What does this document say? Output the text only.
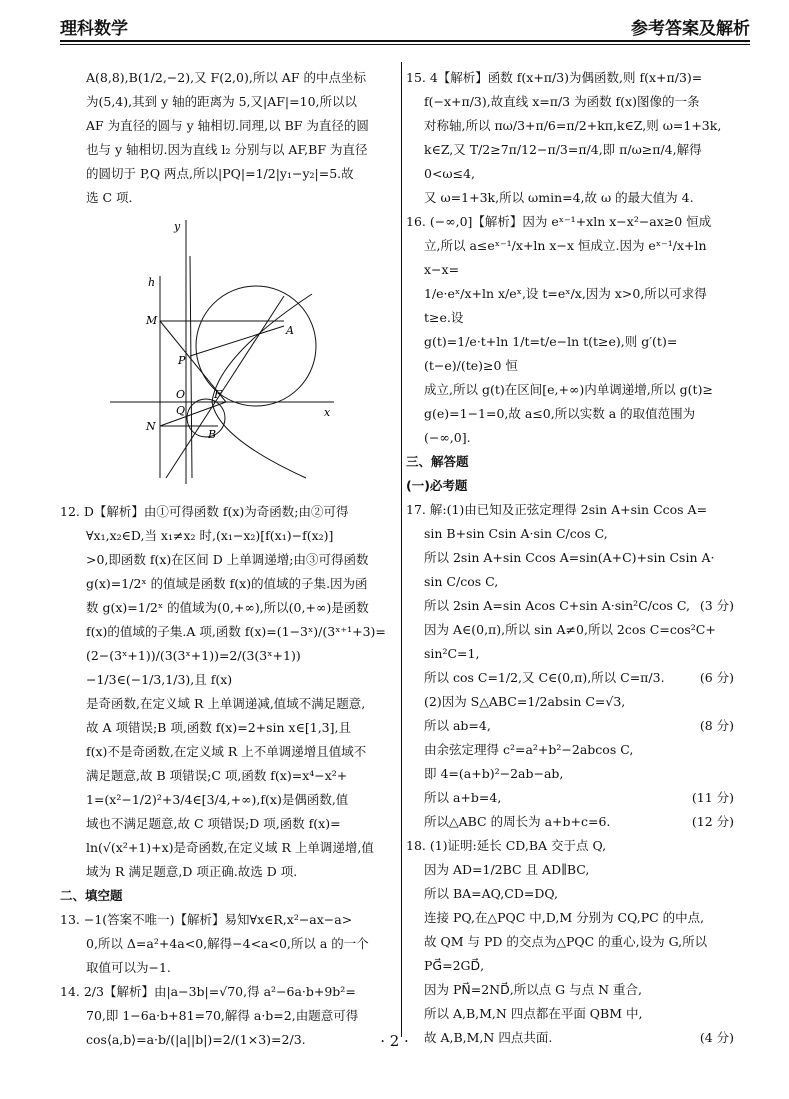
理科数学	参考答案及解析

A(8,8),B(1/2,−2),又 F(2,0),所以 AF 的中点坐标

为(5,4),其到 y 轴的距离为 5,又|AF|=10,所以以

AF 为直径的圆与 y 轴相切.同理,以 BF 为直径的圆

也与 y 轴相切.因为直线 l₂ 分别与以 AF,BF 为直径

的圆切于 P,Q 两点,所以|PQ|=1/2|y₁−y₂|=5.故

选 C 项.

y
x
h
M
A
P
O
Q
F
N
B

12. D【解析】由①可得函数 f(x)为奇函数;由②可得

∀x₁,x₂∈D,当 x₁≠x₂ 时,(x₁−x₂)[f(x₁)−f(x₂)]

>0,即函数 f(x)在区间 D 上单调递增;由③可得函数

g(x)=1/2ˣ 的值域是函数 f(x)的值域的子集.因为函

数 g(x)=1/2ˣ 的值域为(0,+∞),所以(0,+∞)是函数

f(x)的值域的子集.A 项,函数 f(x)=(1−3ˣ)/(3ˣ⁺¹+3)=

(2−(3ˣ+1))/(3(3ˣ+1))=2/(3(3ˣ+1))−1/3∈(−1/3,1/3),且 f(x)

是奇函数,在定义域 R 上单调递减,值域不满足题意,

故 A 项错误;B 项,函数 f(x)=2+sin x∈[1,3],且

f(x)不是奇函数,在定义域 R 上不单调递增且值域不

满足题意,故 B 项错误;C 项,函数 f(x)=x⁴−x²+

1=(x²−1/2)²+3/4∈[3/4,+∞),f(x)是偶函数,值

域也不满足题意,故 C 项错误;D 项,函数 f(x)=

ln(√(x²+1)+x)是奇函数,在定义域 R 上单调递增,值

域为 R 满足题意,D 项正确.故选 D 项.

二、填空题

13. −1(答案不唯一)【解析】易知∀x∈R,x²−ax−a>

0,所以 Δ=a²+4a<0,解得−4<a<0,所以 a 的一个

取值可以为−1.

14. 2/3【解析】由|a−3b|=√70,得 a²−6a·b+9b²=

70,即 1−6a·b+81=70,解得 a·b=2,由题意可得

cos⟨a,b⟩=a·b/(|a||b|)=2/(1×3)=2/3.

15. 4【解析】函数 f(x+π/3)为偶函数,则 f(x+π/3)=

f(−x+π/3),故直线 x=π/3 为函数 f(x)图像的一条

对称轴,所以 πω/3+π/6=π/2+kπ,k∈Z,则 ω=1+3k,

k∈Z,又 T/2≥7π/12−π/3=π/4,即 π/ω≥π/4,解得 0<ω≤4,

又 ω=1+3k,所以 ωmin=4,故 ω 的最大值为 4.

16. (−∞,0]【解析】因为 eˣ⁻¹+xln x−x²−ax≥0 恒成

立,所以 a≤eˣ⁻¹/x+ln x−x 恒成立.因为 eˣ⁻¹/x+ln x−x=

1/e·eˣ/x+ln x/eˣ,设 t=eˣ/x,因为 x>0,所以可求得 t≥e.设

g(t)=1/e·t+ln 1/t=t/e−ln t(t≥e),则 g′(t)=(t−e)/(te)≥0 恒

成立,所以 g(t)在区间[e,+∞)内单调递增,所以 g(t)≥

g(e)=1−1=0,故 a≤0,所以实数 a 的取值范围为

(−∞,0].

三、解答题

(一)必考题

17. 解:(1)由已知及正弦定理得 2sin A+sin Ccos A=

sin B+sin Csin A·sin C/cos C,

所以 2sin A+sin Ccos A=sin(A+C)+sin Csin A·

sin C/cos C,

所以 2sin A=sin Acos C+sin A·sin²C/cos C, (3 分)

因为 A∈(0,π),所以 sin A≠0,所以 2cos C=cos²C+

sin²C=1,

所以 cos C=1/2,又 C∈(0,π),所以 C=π/3.	(6 分)

(2)因为 S△ABC=1/2absin C=√3,

所以 ab=4,	(8 分)

由余弦定理得 c²=a²+b²−2abcos C,

即 4=(a+b)²−2ab−ab,

所以 a+b=4,	(11 分)

所以△ABC 的周长为 a+b+c=6.	(12 分)

18. (1)证明:延长 CD,BA 交于点 Q,

因为 AD=1/2BC 且 AD∥BC,

所以 BA=AQ,CD=DQ,

连接 PQ,在△PQC 中,D,M 分别为 CQ,PC 的中点,

故 QM 与 PD 的交点为△PQC 的重心,设为 G,所以

PG⃗=2GD⃗,

因为 PN⃗=2ND⃗,所以点 G 与点 N 重合,

所以 A,B,M,N 四点都在平面 QBM 中,

故 A,B,M,N 四点共面.	(4 分)

· 2 ·
